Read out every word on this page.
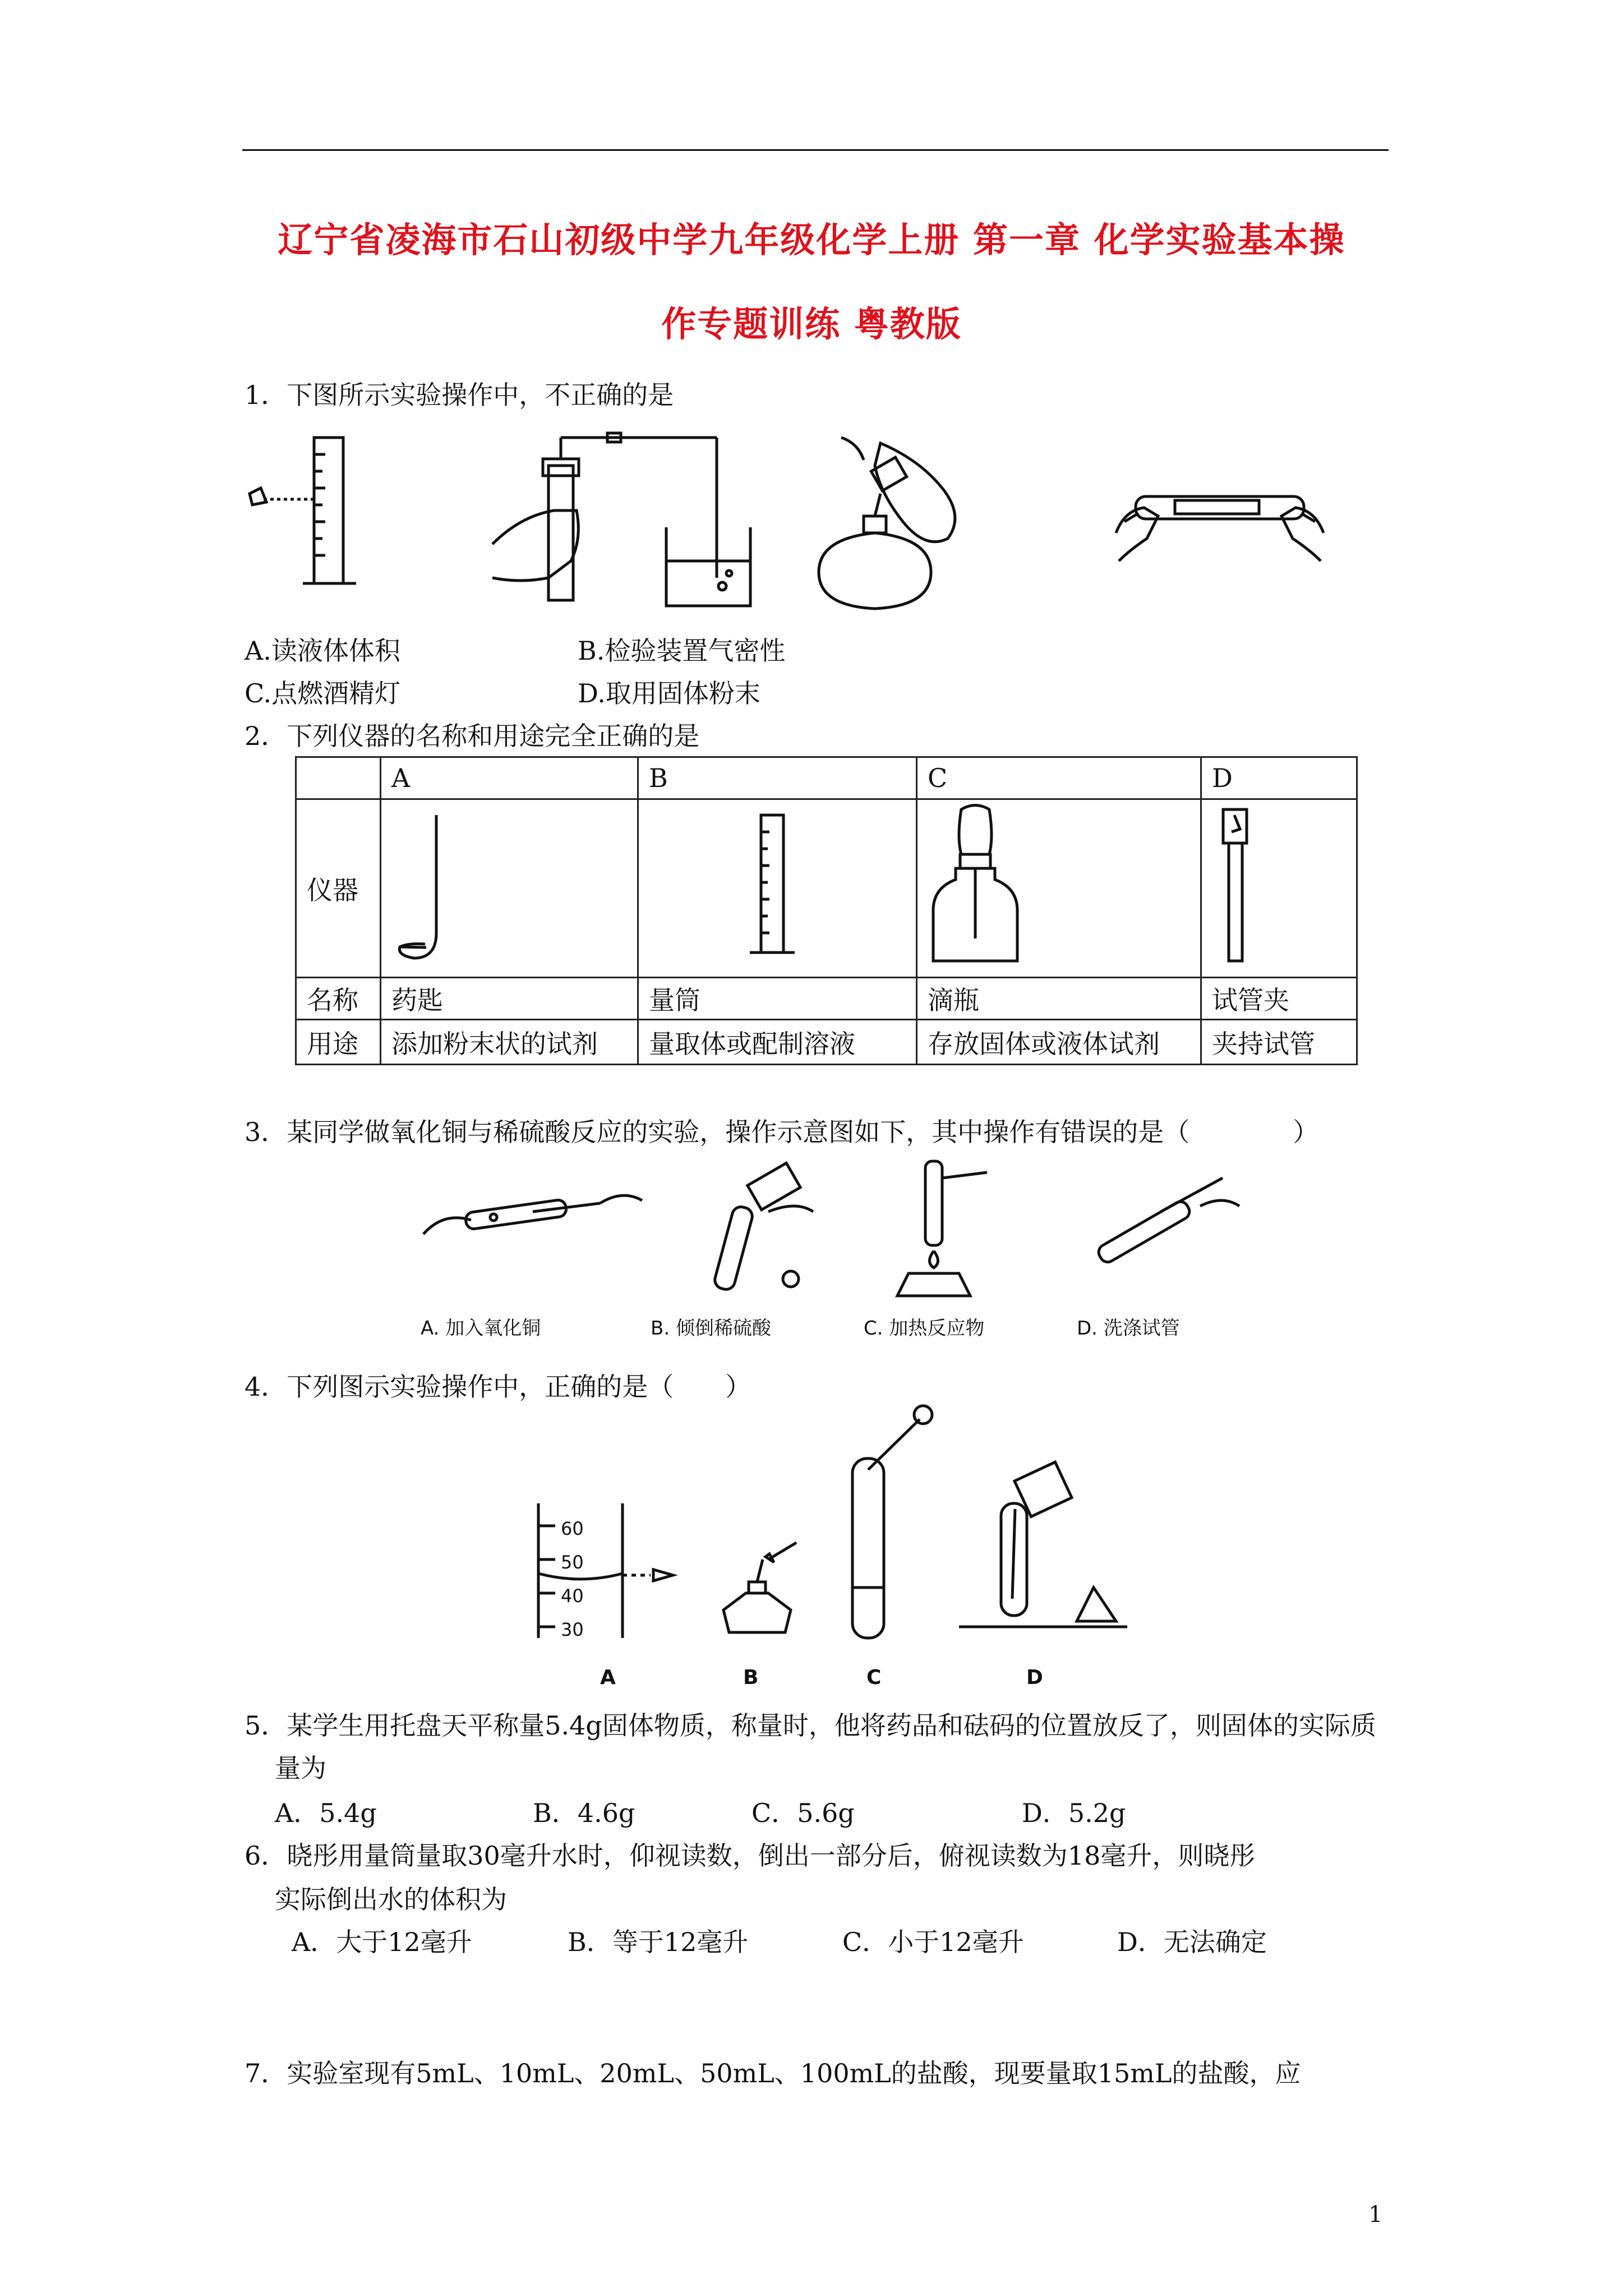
辽宁省凌海市石山初级中学九年级化学上册 第一章 化学实验基本操
作专题训练 粤教版
1．下图所示实验操作中，不正确的是
A.读液体体积	B.检验装置气密性
C.点燃酒精灯	D.取用固体粉末
2．下列仪器的名称和用途完全正确的是
	A	B	C	D
仪器				
名称	药匙	量筒	滴瓶	试管夹
用途	添加粉末状的试剂	量取体或配制溶液	存放固体或液体试剂	夹持试管
3．某同学做氧化铜与稀硫酸反应的实验，操作示意图如下，其中操作有错误的是（　　　　）
A. 加入氧化铜	B. 倾倒稀硫酸	C. 加热反应物	D. 洗涤试管
4．下列图示实验操作中，正确的是（　　）
60
50
40
30
A	B	C	D
5．某学生用托盘天平称量5.4g固体物质，称量时，他将药品和砝码的位置放反了，则固体的实际质
量为
A．5.4g	B．4.6g	C．5.6g	D．5.2g
6．晓彤用量筒量取30毫升水时，仰视读数，倒出一部分后，俯视读数为18毫升，则晓彤
实际倒出水的体积为
A．大于12毫升	B．等于12毫升	C．小于12毫升	D．无法确定
7．实验室现有5mL、10mL、20mL、50mL、100mL的盐酸，现要量取15mL的盐酸，应
1
